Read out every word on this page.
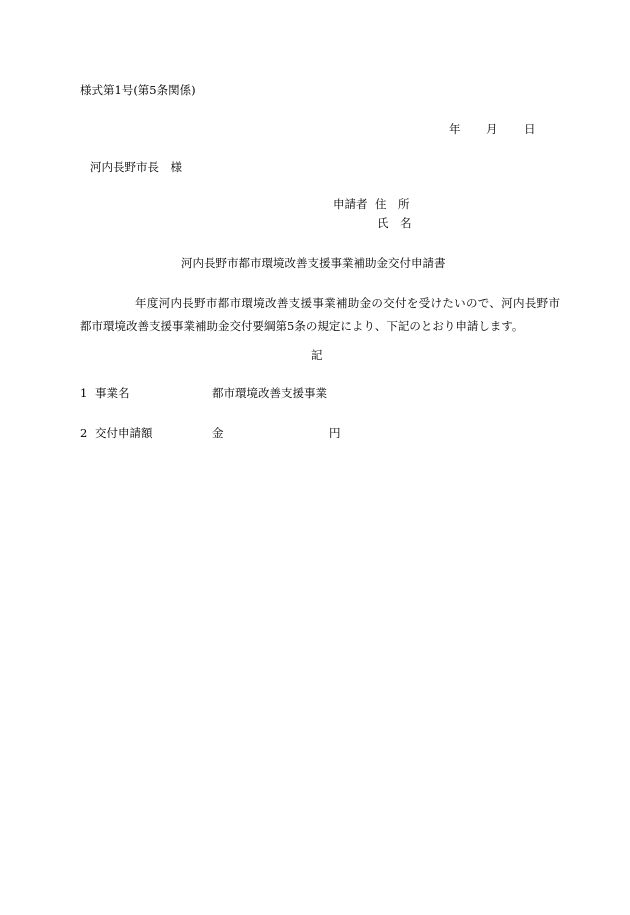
様式第1号(第5条関係)
年 月 日
河内長野市長　様
申請者 住　所
氏　名
河内長野市都市環境改善支援事業補助金交付申請書
年度河内長野市都市環境改善支援事業補助金の交付を受けたいので、河内長野市都市環境改善支援事業補助金交付要綱第5条の規定により、下記のとおり申請します。
記
1 事業名	都市環境改善支援事業
2 交付申請額	金	円
